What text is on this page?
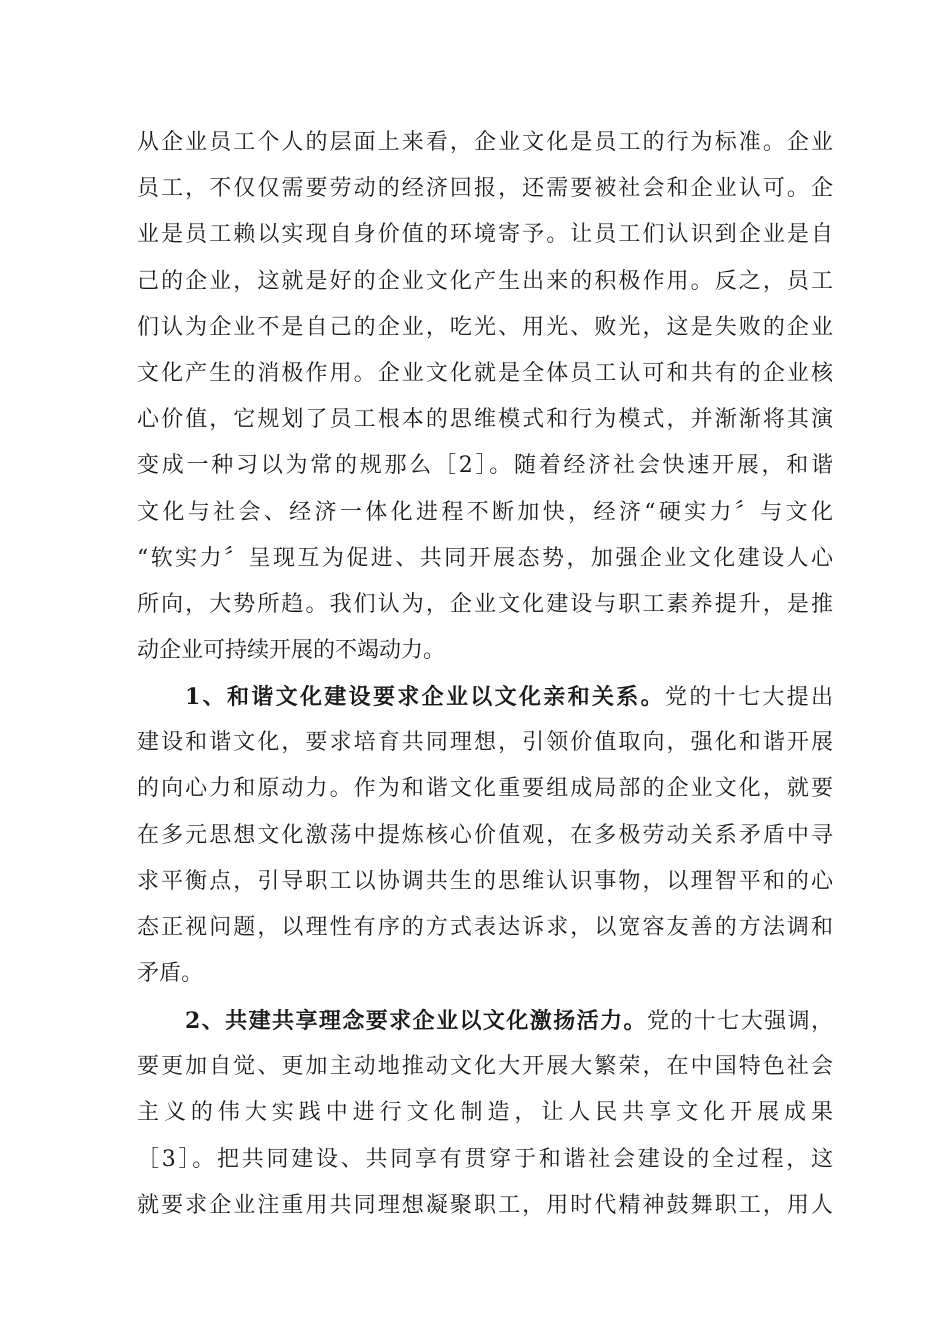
从企业员工个人的层面上来看，企业文化是员工的行为标准。企业
员工，不仅仅需要劳动的经济回报，还需要被社会和企业认可。企
业是员工赖以实现自身价值的环境寄予。让员工们认识到企业是自
己的企业，这就是好的企业文化产生出来的积极作用。反之，员工
们认为企业不是自己的企业，吃光、用光、败光，这是失败的企业
文化产生的消极作用。企业文化就是全体员工认可和共有的企业核
心价值，它规划了员工根本的思维模式和行为模式，并渐渐将其演
变成一种习以为常的规那么［2］。随着经济社会快速开展，和谐
文化与社会、经济一体化进程不断加快，经济“硬实力〞与文化
“软实力〞呈现互为促进、共同开展态势，加强企业文化建设人心
所向，大势所趋。我们认为，企业文化建设与职工素养提升，是推
动企业可持续开展的不竭动力。
1、和谐文化建设要求企业以文化亲和关系。党的十七大提出
建设和谐文化，要求培育共同理想，引领价值取向，强化和谐开展
的向心力和原动力。作为和谐文化重要组成局部的企业文化，就要
在多元思想文化激荡中提炼核心价值观，在多极劳动关系矛盾中寻
求平衡点，引导职工以协调共生的思维认识事物，以理智平和的心
态正视问题，以理性有序的方式表达诉求，以宽容友善的方法调和
矛盾。
2、共建共享理念要求企业以文化激扬活力。党的十七大强调，
要更加自觉、更加主动地推动文化大开展大繁荣，在中国特色社会
主义的伟大实践中进行文化制造，让人民共享文化开展成果
［3］。把共同建设、共同享有贯穿于和谐社会建设的全过程，这
就要求企业注重用共同理想凝聚职工，用时代精神鼓舞职工，用人
